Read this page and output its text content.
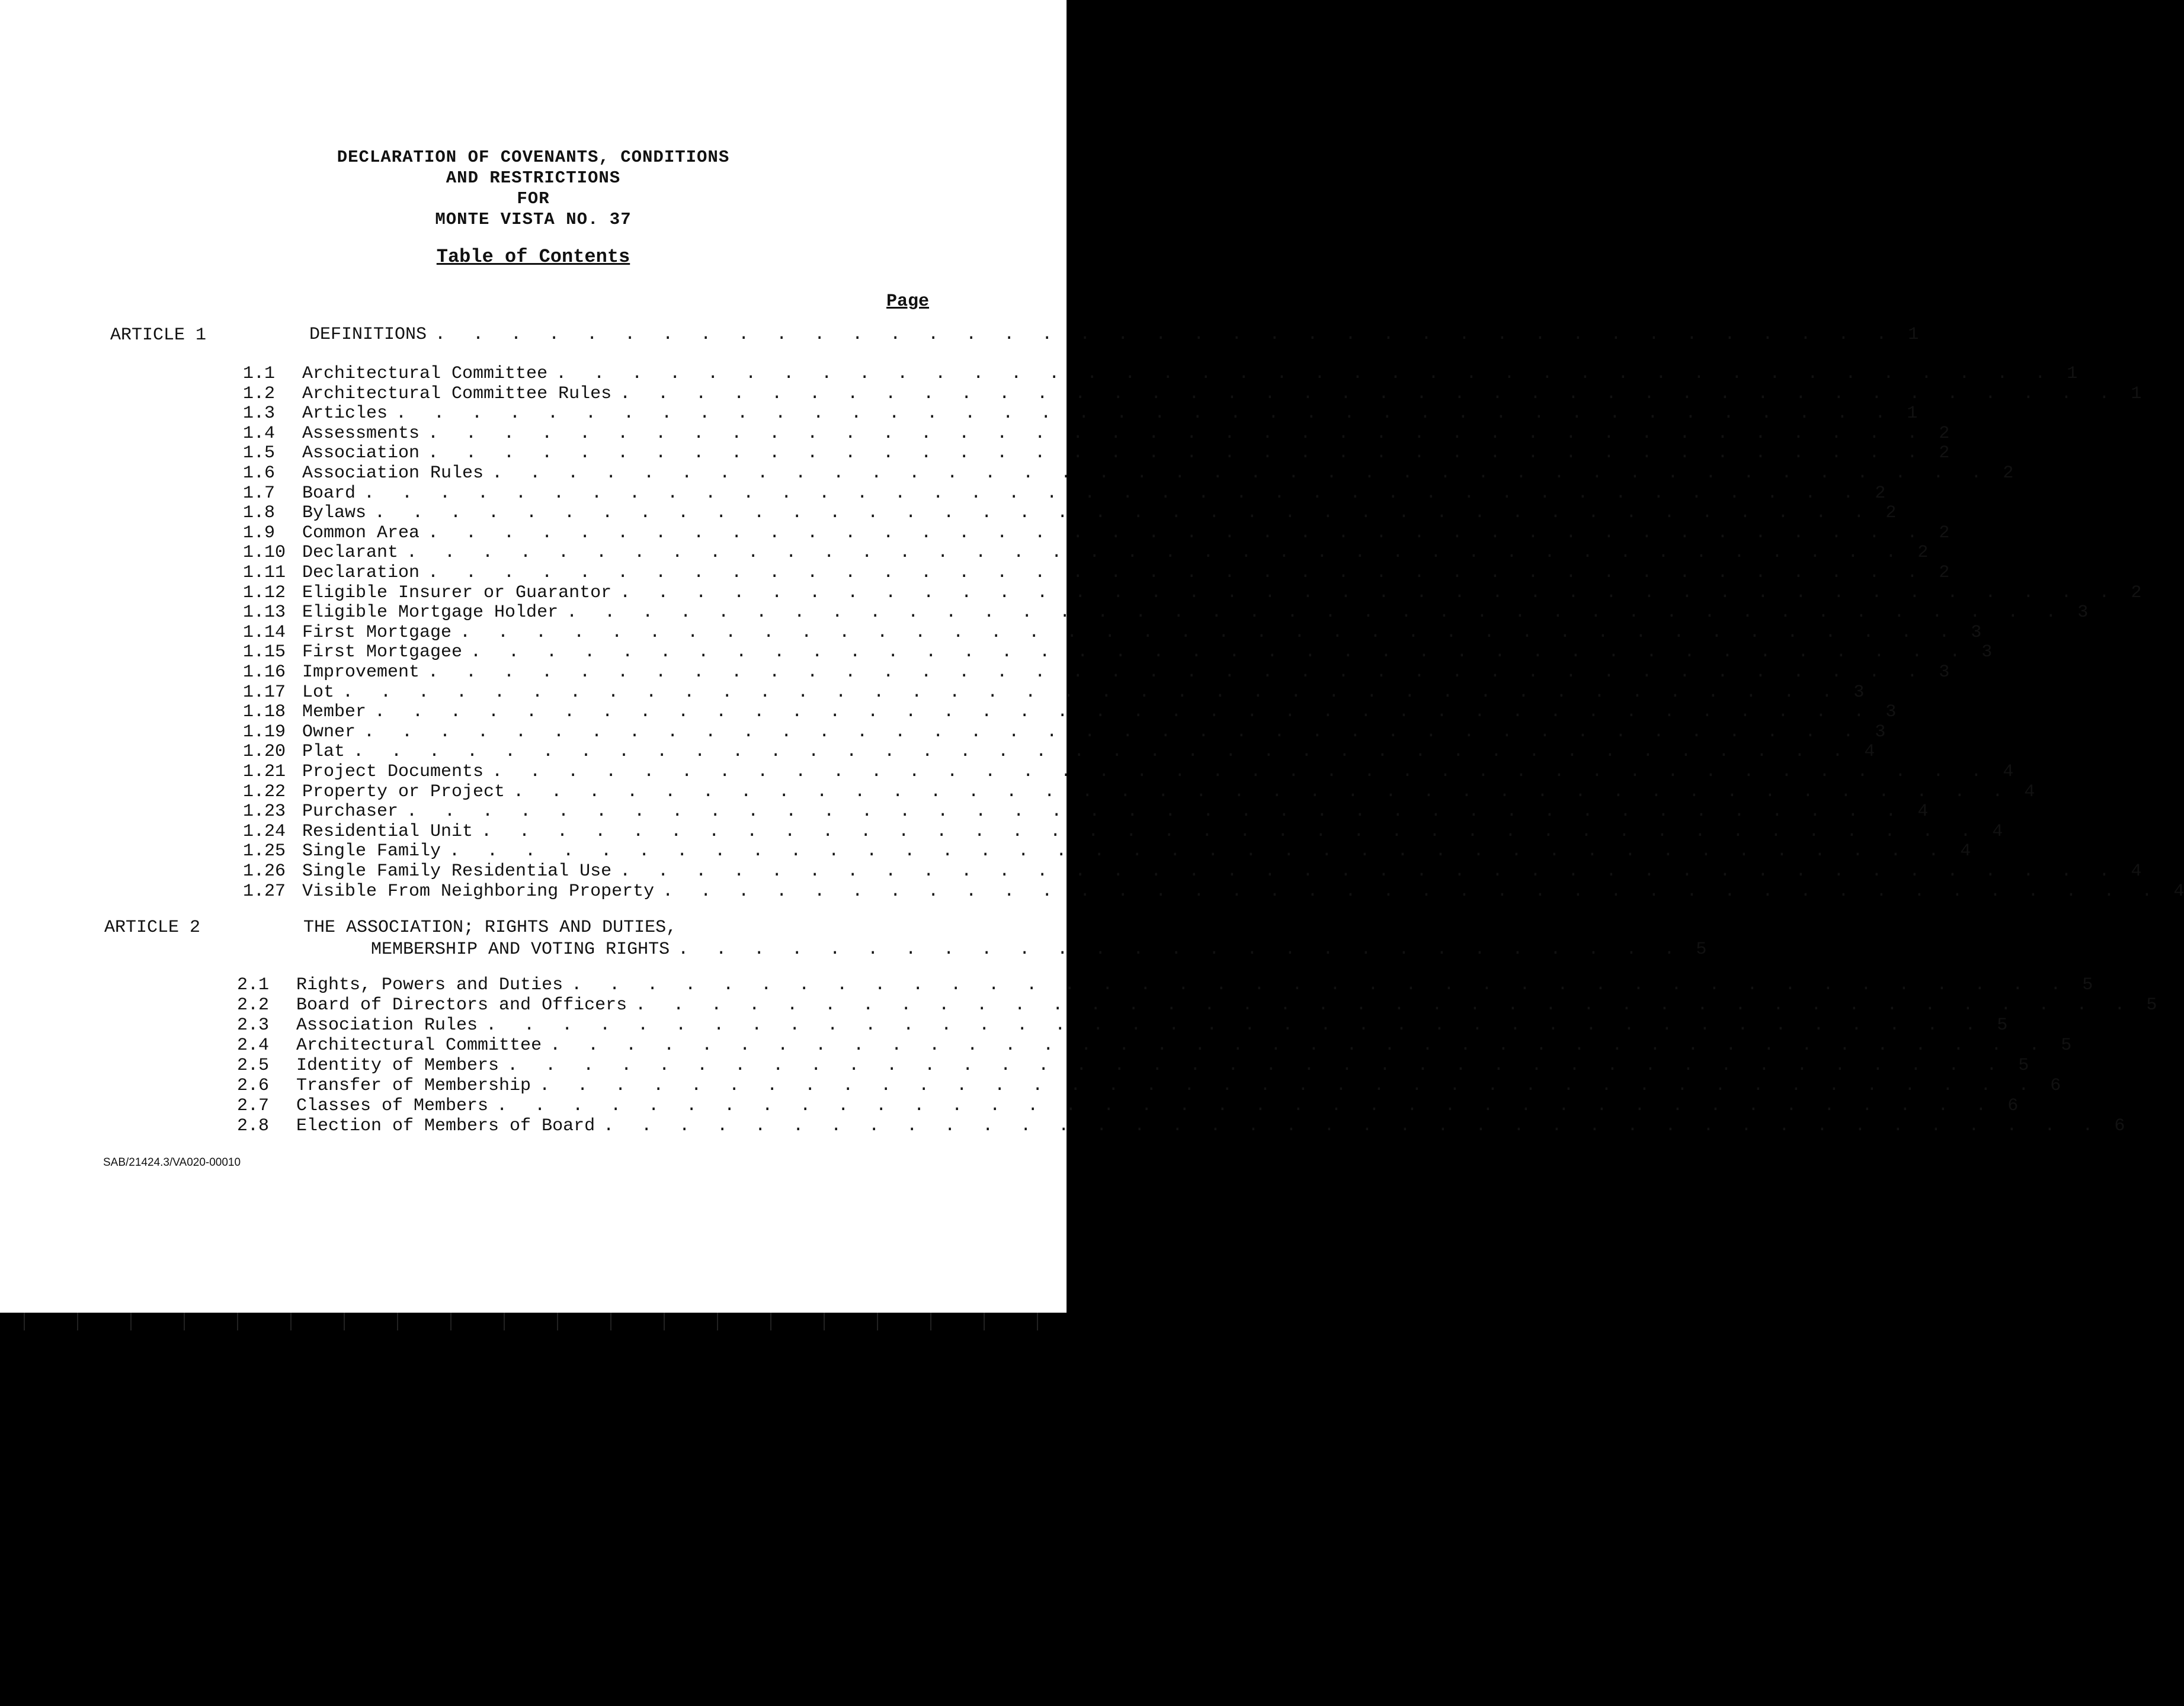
DECLARATION OF COVENANTS, CONDITIONS
AND RESTRICTIONS
FOR
MONTE VISTA NO. 37
Table of Contents
Page
ARTICLE 1	DEFINITIONS . . . . . . . . . . . . . . . . . . . . . . . . . . . . . . . . . . . . . . . 1
1.1	Architectural Committee . . . . . . . . . . . . . . . . . . . . . . . . . . . . . . . . . . . . . . . . 1
1.2	Architectural Committee Rules . . . . . . . . . . . . . . . . . . . . . . . . . . . . . . . . . . . . . . . . 1
1.3	Articles . . . . . . . . . . . . . . . . . . . . . . . . . . . . . . . . . . . . . . . . 1
1.4	Assessments . . . . . . . . . . . . . . . . . . . . . . . . . . . . . . . . . . . . . . . . 2
1.5	Association . . . . . . . . . . . . . . . . . . . . . . . . . . . . . . . . . . . . . . . . 2
1.6	Association Rules . . . . . . . . . . . . . . . . . . . . . . . . . . . . . . . . . . . . . . . . 2
1.7	Board . . . . . . . . . . . . . . . . . . . . . . . . . . . . . . . . . . . . . . . . 2
1.8	Bylaws . . . . . . . . . . . . . . . . . . . . . . . . . . . . . . . . . . . . . . . . 2
1.9	Common Area . . . . . . . . . . . . . . . . . . . . . . . . . . . . . . . . . . . . . . . . 2
1.10 Declarant . . . . . . . . . . . . . . . . . . . . . . . . . . . . . . . . . . . . . . . . 2
1.11 Declaration . . . . . . . . . . . . . . . . . . . . . . . . . . . . . . . . . . . . . . . . 2
1.12 Eligible Insurer or Guarantor . . . . . . . . . . . . . . . . . . . . . . . . . . . . . . . . . . . . . . . . 2
1.13 Eligible Mortgage Holder . . . . . . . . . . . . . . . . . . . . . . . . . . . . . . . . . . . . . . . . 3
1.14 First Mortgage . . . . . . . . . . . . . . . . . . . . . . . . . . . . . . . . . . . . . . . . 3
1.15 First Mortgagee . . . . . . . . . . . . . . . . . . . . . . . . . . . . . . . . . . . . . . . . 3
1.16 Improvement . . . . . . . . . . . . . . . . . . . . . . . . . . . . . . . . . . . . . . . . 3
1.17 Lot . . . . . . . . . . . . . . . . . . . . . . . . . . . . . . . . . . . . . . . . 3
1.18 Member . . . . . . . . . . . . . . . . . . . . . . . . . . . . . . . . . . . . . . . . 3
1.19 Owner . . . . . . . . . . . . . . . . . . . . . . . . . . . . . . . . . . . . . . . . 3
1.20 Plat . . . . . . . . . . . . . . . . . . . . . . . . . . . . . . . . . . . . . . . . 4
1.21 Project Documents . . . . . . . . . . . . . . . . . . . . . . . . . . . . . . . . . . . . . . . . 4
1.22 Property or Project . . . . . . . . . . . . . . . . . . . . . . . . . . . . . . . . . . . . . . . . 4
1.23 Purchaser . . . . . . . . . . . . . . . . . . . . . . . . . . . . . . . . . . . . . . . . 4
1.24 Residential Unit . . . . . . . . . . . . . . . . . . . . . . . . . . . . . . . . . . . . . . . . 4
1.25 Single Family . . . . . . . . . . . . . . . . . . . . . . . . . . . . . . . . . . . . . . . . 4
1.26 Single Family Residential Use . . . . . . . . . . . . . . . . . . . . . . . . . . . . . . . . . . . . . . . . 4
1.27 Visible From Neighboring Property . . . . . . . . . . . . . . . . . . . . . . . . . . . . . . . . . . . . . . . . 4
ARTICLE 2	THE ASSOCIATION; RIGHTS AND DUTIES,
MEMBERSHIP AND VOTING RIGHTS . . . . . . . . . . . . . . . . . . . . . . . . . . . 5
2.1	Rights, Powers and Duties . . . . . . . . . . . . . . . . . . . . . . . . . . . . . . . . . . . . . . . . 5
2.2	Board of Directors and Officers . . . . . . . . . . . . . . . . . . . . . . . . . . . . . . . . . . . . . . . . 5
2.3	Association Rules . . . . . . . . . . . . . . . . . . . . . . . . . . . . . . . . . . . . . . . . 5
2.4	Architectural Committee . . . . . . . . . . . . . . . . . . . . . . . . . . . . . . . . . . . . . . . . 5
2.5	Identity of Members . . . . . . . . . . . . . . . . . . . . . . . . . . . . . . . . . . . . . . . . 5
2.6	Transfer of Membership . . . . . . . . . . . . . . . . . . . . . . . . . . . . . . . . . . . . . . . . 6
2.7	Classes of Members . . . . . . . . . . . . . . . . . . . . . . . . . . . . . . . . . . . . . . . . 6
2.8	Election of Members of Board . . . . . . . . . . . . . . . . . . . . . . . . . . . . . . . . . . . . . . . . 6
SAB/21424.3/VA020-00010
